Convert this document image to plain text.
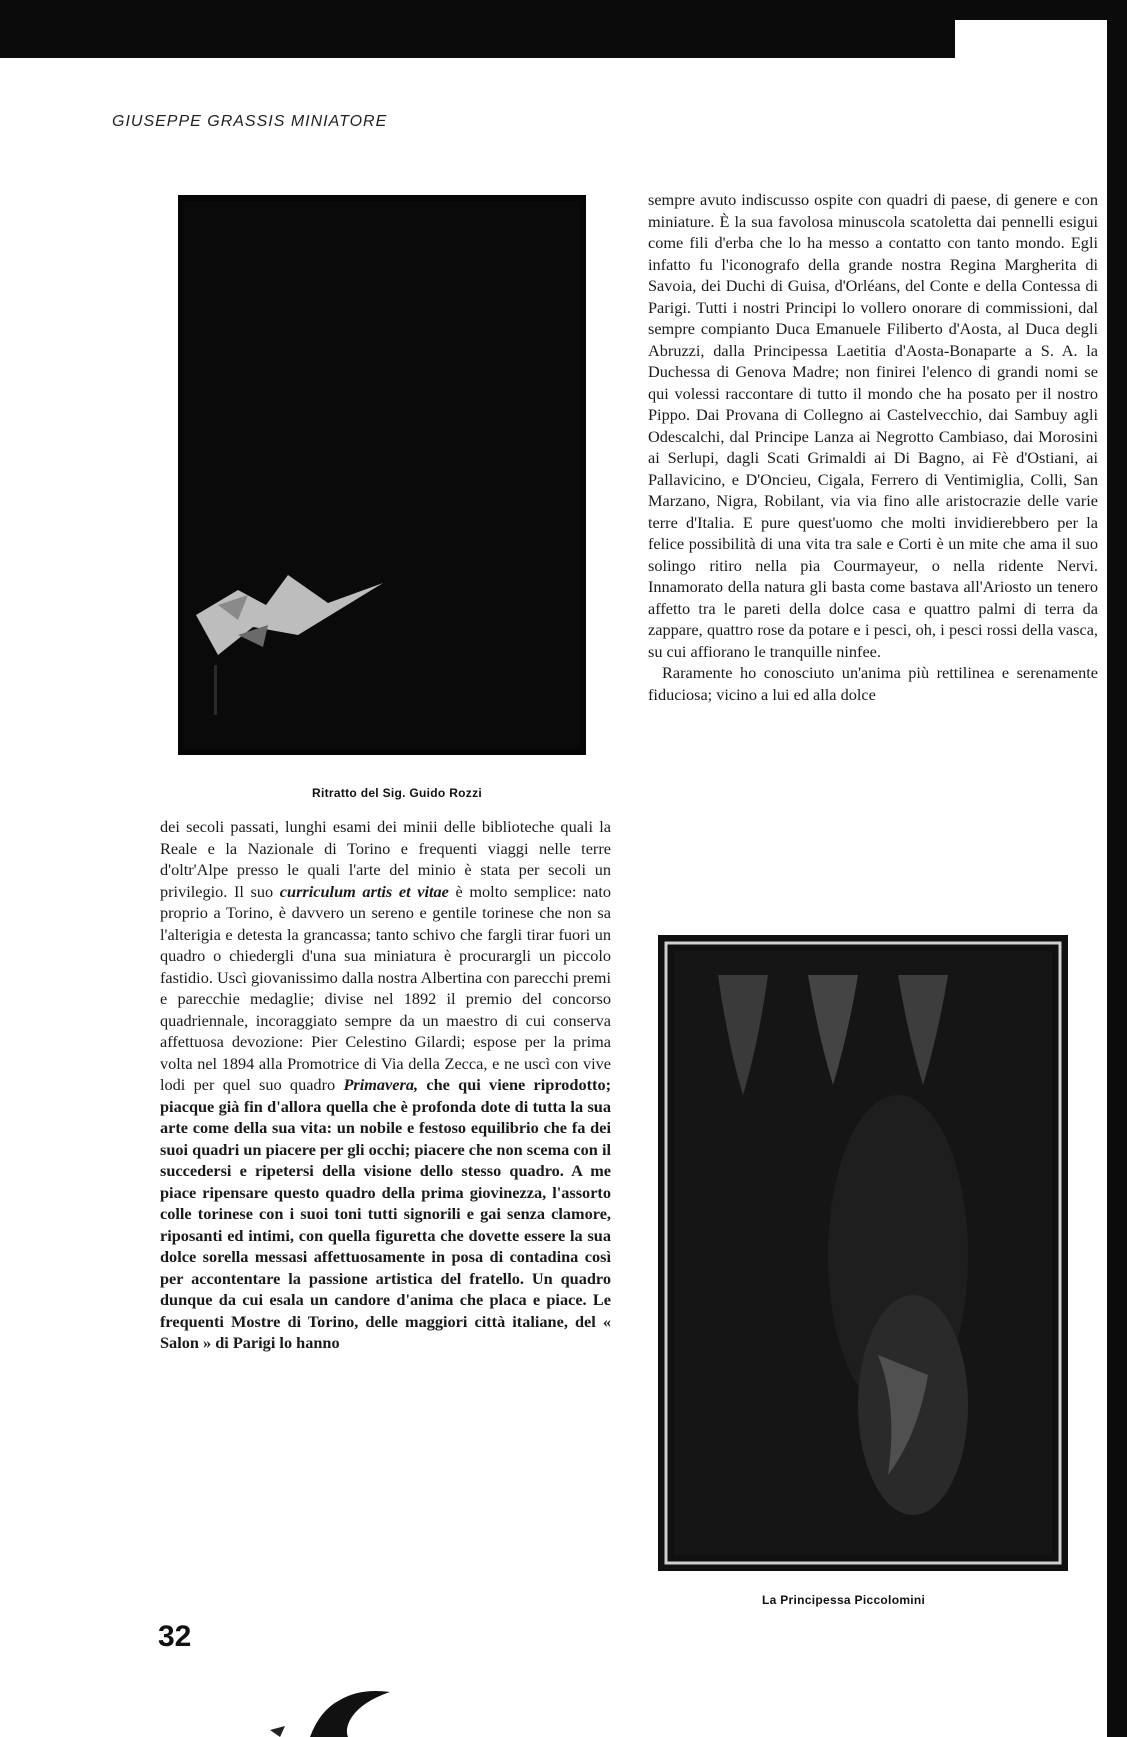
GIUSEPPE GRASSIS MINIATORE
Ritratto del Sig. Guido Rozzi

dei secoli passati, lunghi esami dei minii delle biblioteche quali la Reale e la Nazionale di Torino e frequenti viaggi nelle terre d'oltr'Alpe presso le quali l'arte del minio è stata per secoli un privilegio. Il suo curriculum artis et vitae è molto semplice: nato proprio a Torino, è davvero un sereno e gentile torinese che non sa l'alterigia e detesta la grancassa; tanto schivo che fargli tirar fuori un quadro o chiedergli d'una sua miniatura è procurargli un piccolo fastidio. Uscì giovanissimo dalla nostra Albertina con parecchi premi e parecchie medaglie; divise nel 1892 il premio del concorso quadriennale, incoraggiato sempre da un maestro di cui conserva affettuosa devozione: Pier Celestino Gilardi; espose per la prima volta nel 1894 alla Promotrice di Via della Zecca, e ne uscì con vive lodi per quel suo quadro Primavera, che qui viene riprodotto; piacque già fin d'allora quella che è profonda dote di tutta la sua arte come della sua vita: un nobile e festoso equilibrio che fa dei suoi quadri un piacere per gli occhi; piacere che non scema con il succedersi e ripetersi della visione dello stesso quadro. A me piace ripensare questo quadro della prima giovinezza, l'assorto colle torinese con i suoi toni tutti signorili e gai senza clamore, riposanti ed intimi, con quella figuretta che dovette essere la sua dolce sorella messasi affettuosamente in posa di contadina così per accontentare la passione artistica del fratello. Un quadro dunque da cui esala un candore d'anima che placa e piace. Le frequenti Mostre di Torino, delle maggiori città italiane, del « Salon » di Parigi lo hanno

sempre avuto indiscusso ospite con quadri di paese, di genere e con miniature. È la sua favolosa minuscola scatoletta dai pennelli esigui come fili d'erba che lo ha messo a contatto con tanto mondo. Egli infatto fu l'iconografo della grande nostra Regina Margherita di Savoia, dei Duchi di Guisa, d'Orléans, del Conte e della Contessa di Parigi. Tutti i nostri Principi lo vollero onorare di commissioni, dal sempre compianto Duca Emanuele Filiberto d'Aosta, al Duca degli Abruzzi, dalla Principessa Laetitia d'Aosta-Bonaparte a S. A. la Duchessa di Genova Madre; non finirei l'elenco di grandi nomi se qui volessi raccontare di tutto il mondo che ha posato per il nostro Pippo. Dai Provana di Collegno ai Castelvecchio, dai Sambuy agli Odescalchi, dal Principe Lanza ai Negrotto Cambiaso, dai Morosini ai Serlupi, dagli Scati Grimaldi ai Di Bagno, ai Fè d'Ostiani, ai Pallavicino, e D'Oncieu, Cigala, Ferrero di Ventimiglia, Colli, San Marzano, Nigra, Robilant, via via fino alle aristocrazie delle varie terre d'Italia. E pure quest'uomo che molti invidierebbero per la felice possibilità di una vita tra sale e Corti è un mite che ama il suo solingo ritiro nella pia Courmayeur, o nella ridente Nervi. Innamorato della natura gli basta come bastava all'Ariosto un tenero affetto tra le pareti della dolce casa e quattro palmi di terra da zappare, quattro rose da potare e i pesci, oh, i pesci rossi della vasca, su cui affiorano le tranquille ninfee.

Raramente ho conosciuto un'anima più rettilinea e serenamente fiduciosa; vicino a lui ed alla dolce

La Principessa Piccolomini
32
